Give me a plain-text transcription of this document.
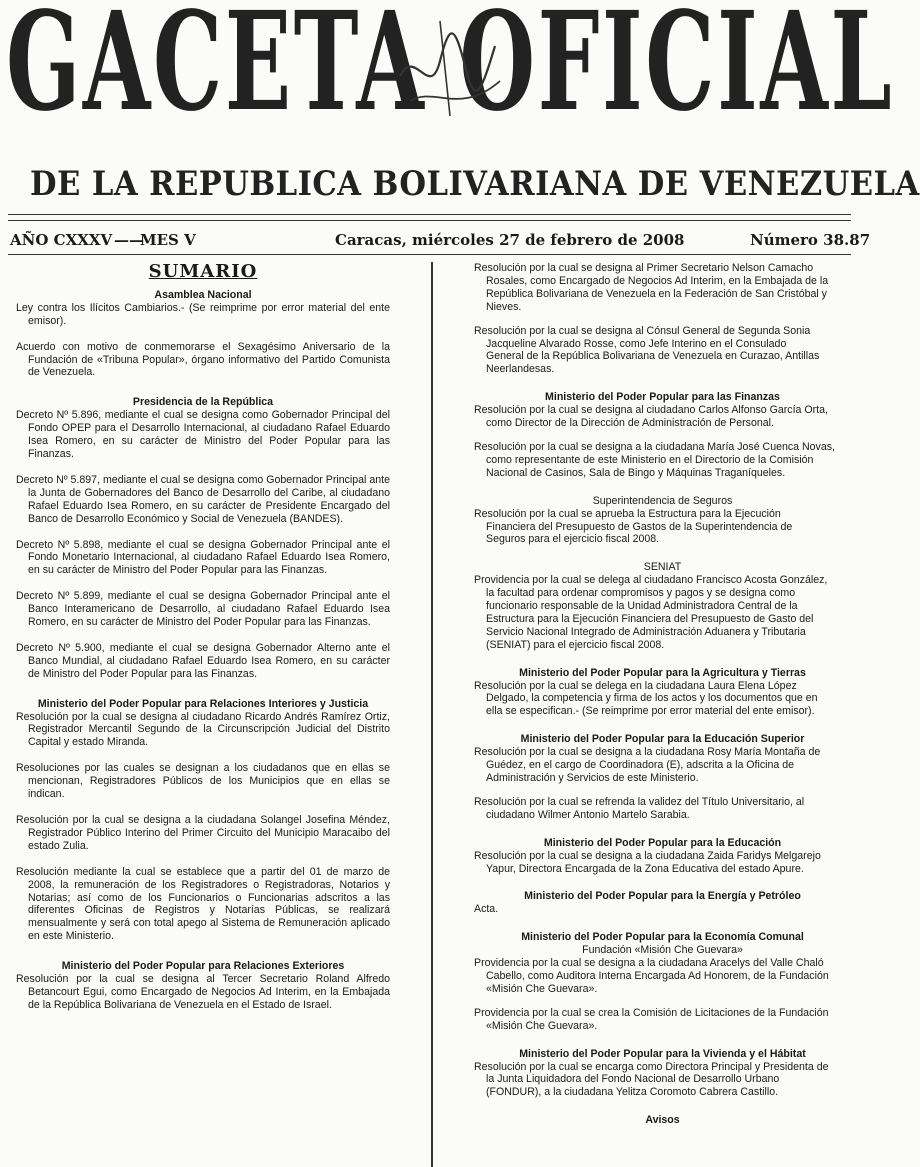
GACETA OFICIAL
DE LA REPUBLICA BOLIVARIANA DE VENEZUELA
AÑO CXXXV ——
MES V	Caracas, miércoles 27 de febrero de 2008	Número 38.87
SUMARIO
Asamblea Nacional
Ley contra los Ilícitos Cambiarios.- (Se reimprime por error material del ente emisor).
Acuerdo con motivo de conmemorarse el Sexagésimo Aniversario de la Fundación de «Tribuna Popular», órgano informativo del Partido Comunista de Venezuela.
Presidencia de la República
Decreto Nº 5.896, mediante el cual se designa como Gobernador Principal del Fondo OPEP para el Desarrollo Internacional, al ciudadano Rafael Eduardo Isea Romero, en su carácter de Ministro del Poder Popular para las Finanzas.
Decreto Nº 5.897, mediante el cual se designa como Gobernador Principal ante la Junta de Gobernadores del Banco de Desarrollo del Caribe, al ciudadano Rafael Eduardo Isea Romero, en su carácter de Presidente Encargado del Banco de Desarrollo Económico y Social de Venezuela (BANDES).
Decreto Nº 5.898, mediante el cual se designa Gobernador Principal ante el Fondo Monetario Internacional, al ciudadano Rafael Eduardo Isea Romero, en su carácter de Ministro del Poder Popular para las Finanzas.
Decreto Nº 5.899, mediante el cual se designa Gobernador Principal ante el Banco Interamericano de Desarrollo, al ciudadano Rafael Eduardo Isea Romero, en su carácter de Ministro del Poder Popular para las Finanzas.
Decreto Nº 5.900, mediante el cual se designa Gobernador Alterno ante el Banco Mundial, al ciudadano Rafael Eduardo Isea Romero, en su carácter de Ministro del Poder Popular para las Finanzas.
Ministerio del Poder Popular para Relaciones Interiores y Justicia
Resolución por la cual se designa al ciudadano Ricardo Andrés Ramírez Ortiz, Registrador Mercantil Segundo de la Circunscripción Judicial del Distrito Capital y estado Miranda.
Resoluciones por las cuales se designan a los ciudadanos que en ellas se mencionan, Registradores Públicos de los Municipios que en ellas se indican.
Resolución por la cual se designa a la ciudadana Solangel Josefina Méndez, Registrador Público Interino del Primer Circuito del Municipio Maracaibo del estado Zulia.
Resolución mediante la cual se establece que a partir del 01 de marzo de 2008, la remuneración de los Registradores o Registradoras, Notarios y Notarias; así como de los Funcionarios o Funcionarias adscritos a las diferentes Oficinas de Registros y Notarías Públicas, se realizará mensualmente y será con total apego al Sistema de Remuneración aplicado en este Ministerio.
Ministerio del Poder Popular para Relaciones Exteriores
Resolución por la cual se designa al Tercer Secretario Roland Alfredo Betancourt Egui, como Encargado de Negocios Ad Interim, en la Embajada de la República Bolivariana de Venezuela en el Estado de Israel.
Resolución por la cual se designa al Primer Secretario Nelson Camacho
Rosales, como Encargado de Negocios Ad Interim, en la Embajada de la
República Bolivariana de Venezuela en la Federación de San Cristóbal y
Nieves.
Resolución por la cual se designa al Cónsul General de Segunda Sonia
Jacqueline Alvarado Rosse, como Jefe Interino en el Consulado
General de la República Bolivariana de Venezuela en Curazao, Antillas
Neerlandesas.
Ministerio del Poder Popular para las Finanzas
Resolución por la cual se designa al ciudadano Carlos Alfonso García Orta,
como Director de la Dirección de Administración de Personal.
Resolución por la cual se designa a la ciudadana María José Cuenca Novas,
como representante de este Ministerio en el Directorio de la Comisión
Nacional de Casinos, Sala de Bingo y Máquinas Traganíqueles.
Superintendencia de Seguros
Resolución por la cual se aprueba la Estructura para la Ejecución
Financiera del Presupuesto de Gastos de la Superintendencia de
Seguros para el ejercicio fiscal 2008.
SENIAT
Providencia por la cual se delega al ciudadano Francisco Acosta González,
la facultad para ordenar compromisos y pagos y se designa como
funcionario responsable de la Unidad Administradora Central de la
Estructura para la Ejecución Financiera del Presupuesto de Gasto del
Servicio Nacional Integrado de Administración Aduanera y Tributaria
(SENIAT) para el ejercicio fiscal 2008.
Ministerio del Poder Popular para la Agricultura y Tierras
Resolución por la cual se delega en la ciudadana Laura Elena López
Delgado, la competencia y firma de los actos y los documentos que en
ella se especifican.- (Se reimprime por error material del ente emisor).
Ministerio del Poder Popular para la Educación Superior
Resolución por la cual se designa a la ciudadana Rosy María Montaña de
Guédez, en el cargo de Coordinadora (E), adscrita a la Oficina de
Administración y Servicios de este Ministerio.
Resolución por la cual se refrenda la validez del Título Universitario, al
ciudadano Wilmer Antonio Martelo Sarabia.
Ministerio del Poder Popular para la Educación
Resolución por la cual se designa a la ciudadana Zaida Faridys Melgarejo
Yapur, Directora Encargada de la Zona Educativa del estado Apure.
Ministerio del Poder Popular para la Energía y Petróleo
Acta.
Ministerio del Poder Popular para la Economía Comunal
Fundación «Misión Che Guevara»
Providencia por la cual se designa a la ciudadana Aracelys del Valle Chaló
Cabello, como Auditora Interna Encargada Ad Honorem, de la Fundación
«Misión Che Guevara».
Providencia por la cual se crea la Comisión de Licitaciones de la Fundación
«Misión Che Guevara».
Ministerio del Poder Popular para la Vivienda y el Hábitat
Resolución por la cual se encarga como Directora Principal y Presidenta de
la Junta Liquidadora del Fondo Nacional de Desarrollo Urbano
(FONDUR), a la ciudadana Yelitza Coromoto Cabrera Castillo.
Avisos
